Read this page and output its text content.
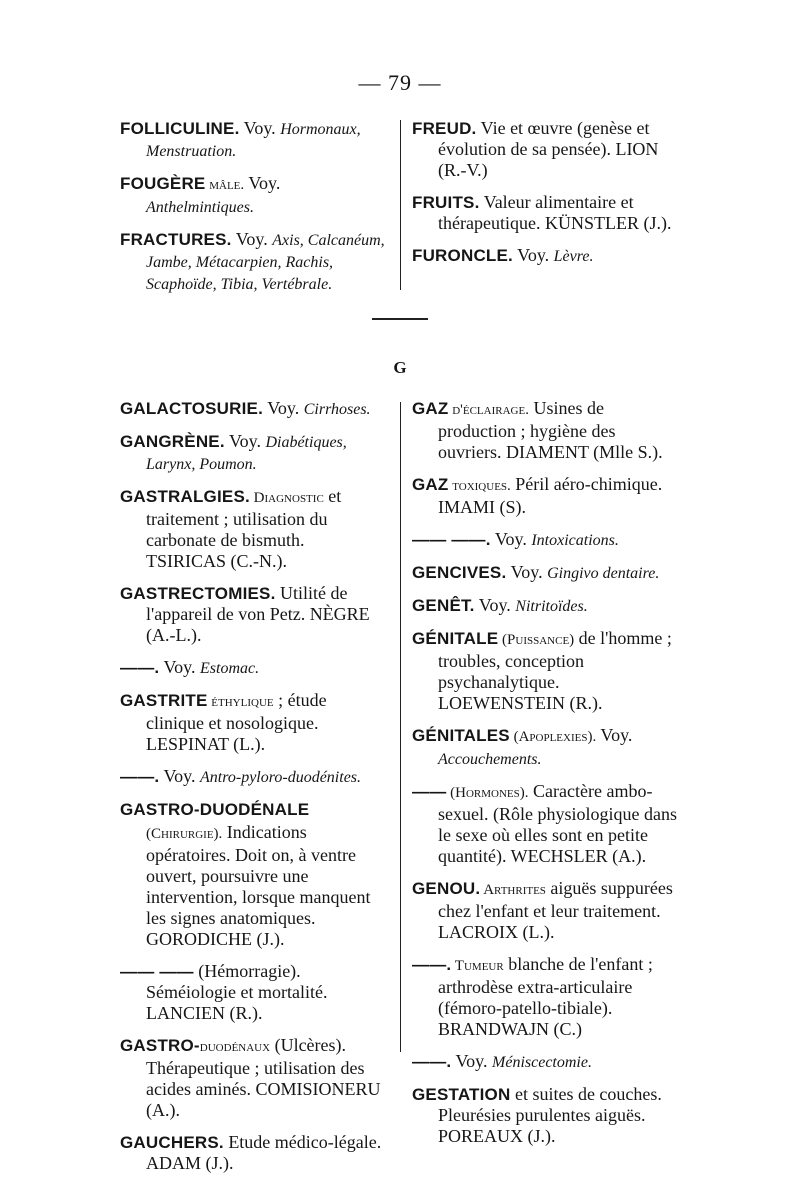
— 79 —

FOLLICULINE. Voy. Hormonaux, Menstruation.

FOUGÈRE mâle. Voy. Anthelmintiques.

FRACTURES. Voy. Axis, Calcanéum, Jambe, Métacarpien, Rachis, Scaphoïde, Tibia, Vertébrale.

FREUD. Vie et œuvre (genèse et évolution de sa pensée). LION (R.-V.)

FRUITS. Valeur alimentaire et thérapeutique. KÜNSTLER (J.).

FURONCLE. Voy. Lèvre.

G

GALACTOSURIE. Voy. Cirrhoses.

GANGRÈNE. Voy. Diabétiques, Larynx, Poumon.

GASTRALGIES. Diagnostic et traitement ; utilisation du carbonate de bismuth. TSIRICAS (C.-N.).

GASTRECTOMIES. Utilité de l'appareil de von Petz. NÈGRE (A.-L.).

——. Voy. Estomac.

GASTRITE éthylique ; étude clinique et nosologique. LESPINAT (L.).

——. Voy. Antro-pyloro-duodénites.

GASTRO-DUODÉNALE (Chirurgie). Indications opératoires. Doit on, à ventre ouvert, poursuivre une intervention, lorsque manquent les signes anatomiques. GORODICHE (J.).

—— —— (Hémorragie). Séméiologie et mortalité. LANCIEN (R.).

GASTRO-duodénaux (Ulcères). Thérapeutique ; utilisation des acides aminés. COMISIONERU (A.).

GAUCHERS. Etude médico-légale. ADAM (J.).

GAZ d'éclairage. Usines de production ; hygiène des ouvriers. DIAMENT (Mlle S.).

GAZ toxiques. Péril aéro-chimique. IMAMI (S).

—— ——. Voy. Intoxications.

GENCIVES. Voy. Gingivo dentaire.

GENÊT. Voy. Nitritoïdes.

GÉNITALE (Puissance) de l'homme ; troubles, conception psychanalytique. LOEWENSTEIN (R.).

GÉNITALES (Apoplexies). Voy. Accouchements.

—— (Hormones). Caractère ambo-sexuel. (Rôle physiologique dans le sexe où elles sont en petite quantité). WECHSLER (A.).

GENOU. Arthrites aiguës suppurées chez l'enfant et leur traitement. LACROIX (L.).

——. Tumeur blanche de l'enfant ; arthrodèse extra-articulaire (fémoro-patello-tibiale). BRANDWAJN (C.)

——. Voy. Méniscectomie.

GESTATION et suites de couches. Pleurésies purulentes aiguës. POREAUX (J.).
